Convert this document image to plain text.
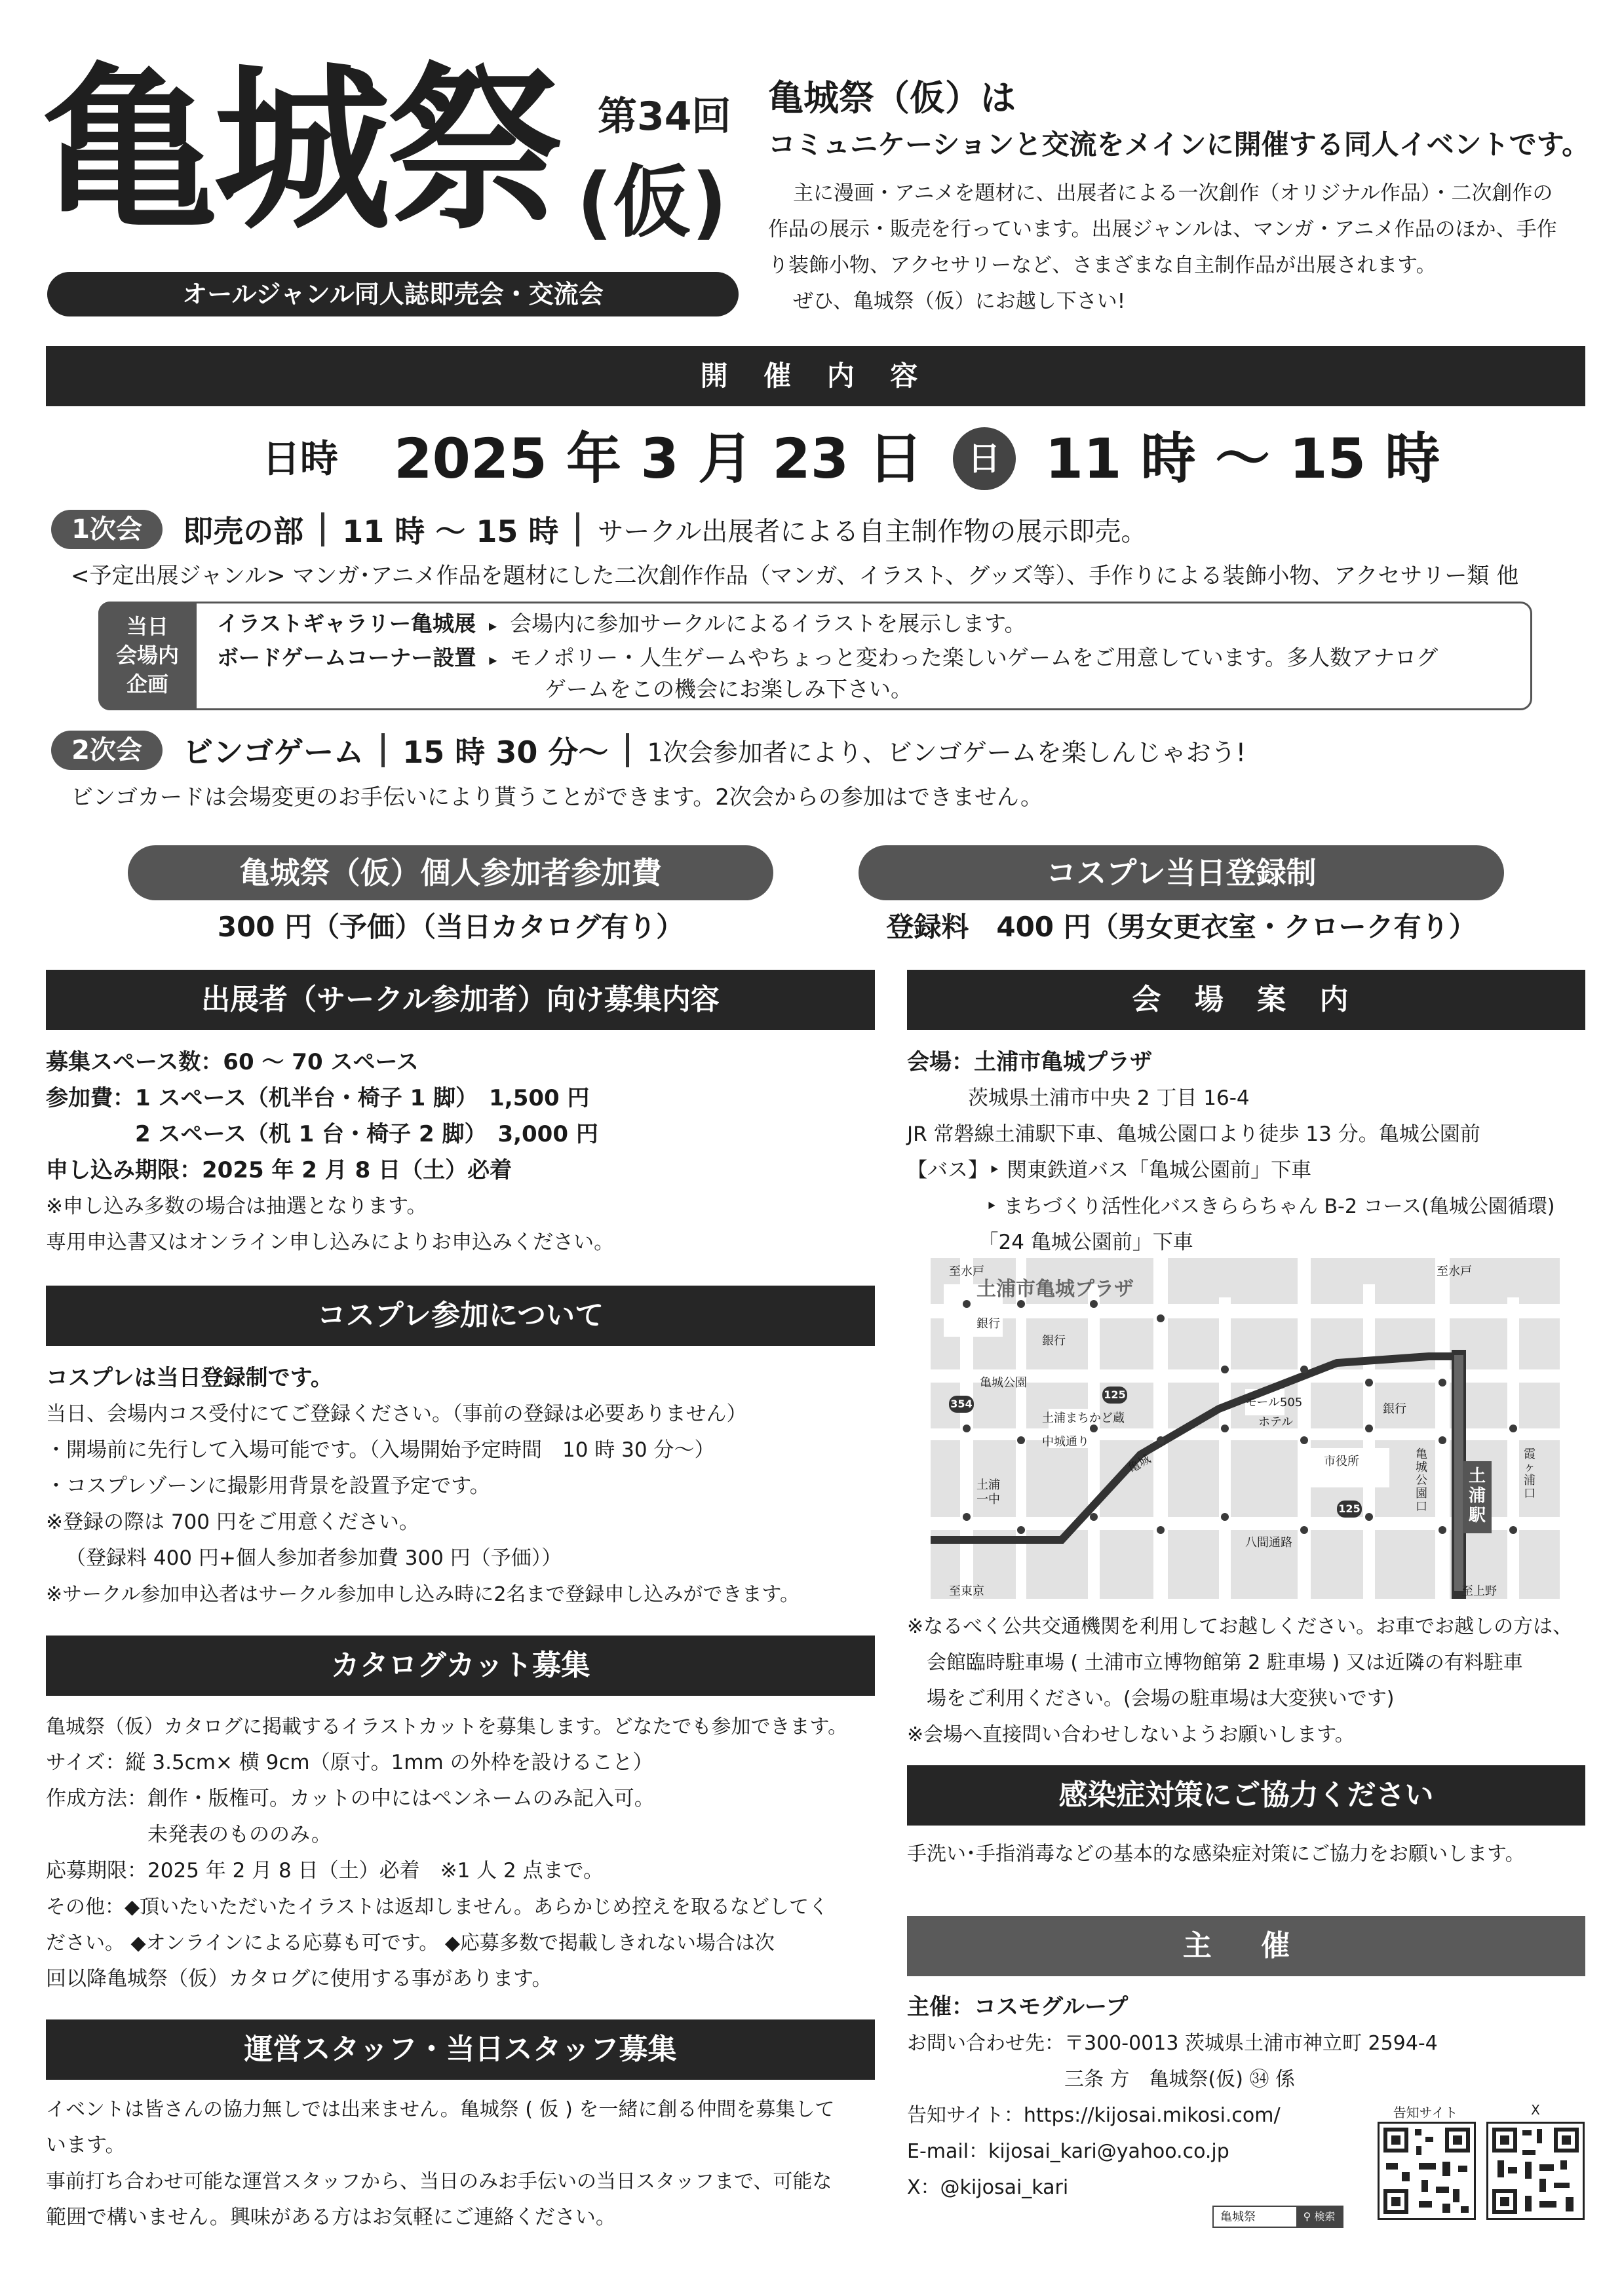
亀城祭 (仮)
第34回
オールジャンル同人誌即売会・交流会
亀城祭（仮）は
コミュニケーションと交流をメインに開催する同人イベントです。
主に漫画・アニメを題材に、出展者による一次創作（オリジナル作品）・二次創作の
作品の展示・販売を行っています。出展ジャンルは、マンガ・アニメ作品のほか、手作
り装飾小物、アクセサリーなど、さまざまな自主制作品が出展されます。
ぜひ、亀城祭（仮）にお越し下さい!
開 催 内 容
日時 2025 年 3 月 23 日 日 11 時 〜 15 時
1次会 即売の部 11 時 〜 15 時 サークル出展者による自主制作物の展示即売。
<予定出展ジャンル> マンガ･アニメ作品を題材にした二次創作作品（マンガ、イラスト、グッズ等）、手作りによる装飾小物、アクセサリー類 他
当日
会場内
企画
イラストギャラリー亀城展 ▸ 会場内に参加サークルによるイラストを展示します。
ボードゲームコーナー設置 ▸ モノポリー・人生ゲームやちょっと変わった楽しいゲームをご用意しています。多人数アナログ
ゲームをこの機会にお楽しみ下さい。
2次会 ビンゴゲーム 15 時 30 分〜 1次会参加者により、ビンゴゲームを楽しんじゃおう!
ビンゴカードは会場変更のお手伝いにより貰うことができます。2次会からの参加はできません。
亀城祭（仮）個人参加者参加費
300 円（予価）（当日カタログ有り）
コスプレ当日登録制
登録料　400 円（男女更衣室・クローク有り）
出展者（サークル参加者）向け募集内容
募集スペース数：60 〜 70 スペース
参加費：1 スペース（机半台・椅子 1 脚）　1,500 円
　　　　2 スペース（机 1 台・椅子 2 脚）　3,000 円
申し込み期限：2025 年 2 月 8 日（土）必着
※申し込み多数の場合は抽選となります。
専用申込書又はオンライン申し込みによりお申込みください。
コスプレ参加について
コスプレは当日登録制です。
当日、会場内コス受付にてご登録ください。（事前の登録は必要ありません）
・開場前に先行して入場可能です。（入場開始予定時間　10 時 30 分〜）
・コスプレゾーンに撮影用背景を設置予定です。
※登録の際は 700 円をご用意ください。
（登録料 400 円+個人参加者参加費 300 円（予価））
※サークル参加申込者はサークル参加申し込み時に2名まで登録申し込みができます。
カタログカット募集
亀城祭（仮）カタログに掲載するイラストカットを募集します。どなたでも参加できます。
サイズ：縦 3.5cm× 横 9cm（原寸。1mm の外枠を設けること）
作成方法：創作・版権可。カットの中にはペンネームのみ記入可。
　　　　　未発表のもののみ。
応募期限：2025 年 2 月 8 日（土）必着　※1 人 2 点まで。
その他：◆頂いたいただいたイラストは返却しません。あらかじめ控えを取るなどしてく
ださい。 ◆オンラインによる応募も可です。 ◆応募多数で掲載しきれない場合は次
回以降亀城祭（仮）カタログに使用する事があります。
運営スタッフ・当日スタッフ募集
イベントは皆さんの協力無しでは出来ません。亀城祭 ( 仮 ) を一緒に創る仲間を募集して
います。
事前打ち合わせ可能な運営スタッフから、当日のみお手伝いの当日スタッフまで、可能な
範囲で構いません。興味がある方はお気軽にご連絡ください。
会 場 案 内
会場：土浦市亀城プラザ
　　　茨城県土浦市中央 2 丁目 16-4
JR 常磐線土浦駅下車、亀城公園口より徒歩 13 分。亀城公園前
【バス】‣ 関東鉄道バス「亀城公園前」下車
　　　　‣ まちづくり活性化バスきららちゃん B-2 コース(亀城公園循環)
　　　　「24 亀城公園前」下車
土浦市亀城プラザ
至水戸	至水戸
銀行
銀行
亀城公園
土浦まちかど蔵
中城通り
モール505
ホテル
銀行
市役所
亀城公園口
土浦駅
霞ヶ浦口
土浦一中
八間通路
至東京	至上野
354
125
125
亀城
※なるべく公共交通機関を利用してお越しください。お車でお越しの方は、
　会館臨時駐車場 ( 土浦市立博物館第 2 駐車場 ) 又は近隣の有料駐車
　場をご利用ください。(会場の駐車場は大変狭いです)
※会場へ直接問い合わせしないようお願いします。
感染症対策にご協力ください
手洗い･手指消毒などの基本的な感染症対策にご協力をお願いします。
主 催
主催：コスモグループ
お問い合わせ先：〒300-0013 茨城県土浦市神立町 2594-4
　　　　　　　　三条 方　亀城祭(仮) ㉞ 係
告知サイト：https://kijosai.mikosi.com/
E-mail：kijosai_kari@yahoo.co.jp
X：@kijosai_kari
告知サイト	X
亀城祭	⚲ 検索
